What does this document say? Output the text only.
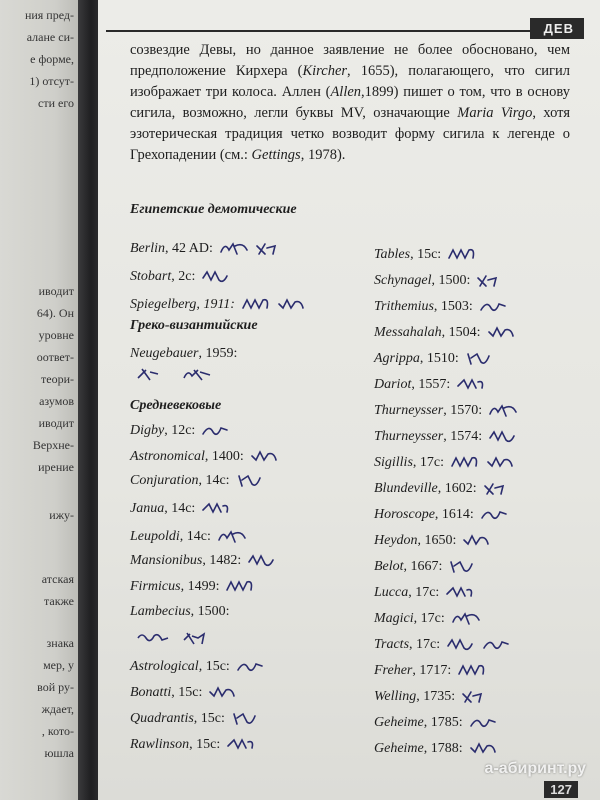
ния пред-
алане си-
е форме,
1) отсут-
сти его
иводит
64). Он
уровне
оответ-
теори-
азумов
иводит
Верхне-
ирение
ижу-
атская
также
знака
мер, у
вой ру-
ждает,
, кото-
юшла
ДЕВ
созвездие Девы, но данное заявление не более обосновано, чем предположение Кирхера (Kircher, 1655), полагающего, что сигил изображает три колоса. Аллен (Allen,1899) пишет о том, что в основу сигила, возможно, легли буквы MV, означающие Maria Virgo, хотя эзотерическая традиция четко возводит форму сигила к легенде о Грехопадении (см.: Gettings, 1978).
Египетские демотические
Греко-византийские
Средневековые
а-абиринт.ру
127
Berlin , 42 AD:
Stobart , 2c:
Spiegelberg, 1911:
Neugebauer , 1959:
Digby , 12c:
Astronomical , 1400:
Conjuration , 14c:
Janua , 14c:
Leupoldi , 14c:
Mansionibus , 1482:
Firmicus , 1499:
Lambecius , 1500:
Astrological , 15c:
Bonatti , 15c:
Quadrantis , 15c:
Rawlinson , 15c:
Tables , 15c:
Schynagel , 1500:
Trithemius , 1503:
Messahalah , 1504:
Agrippa , 1510:
Dariot , 1557:
Thurneysser , 1570:
Thurneysser , 1574:
Sigillis , 17c:
Blundeville , 1602:
Horoscope , 1614:
Heydon , 1650:
Belot , 1667:
Lucca , 17c:
Magici , 17c:
Tracts , 17c:
Freher , 1717:
Welling , 1735:
Geheime , 1785:
Geheime , 1788:
